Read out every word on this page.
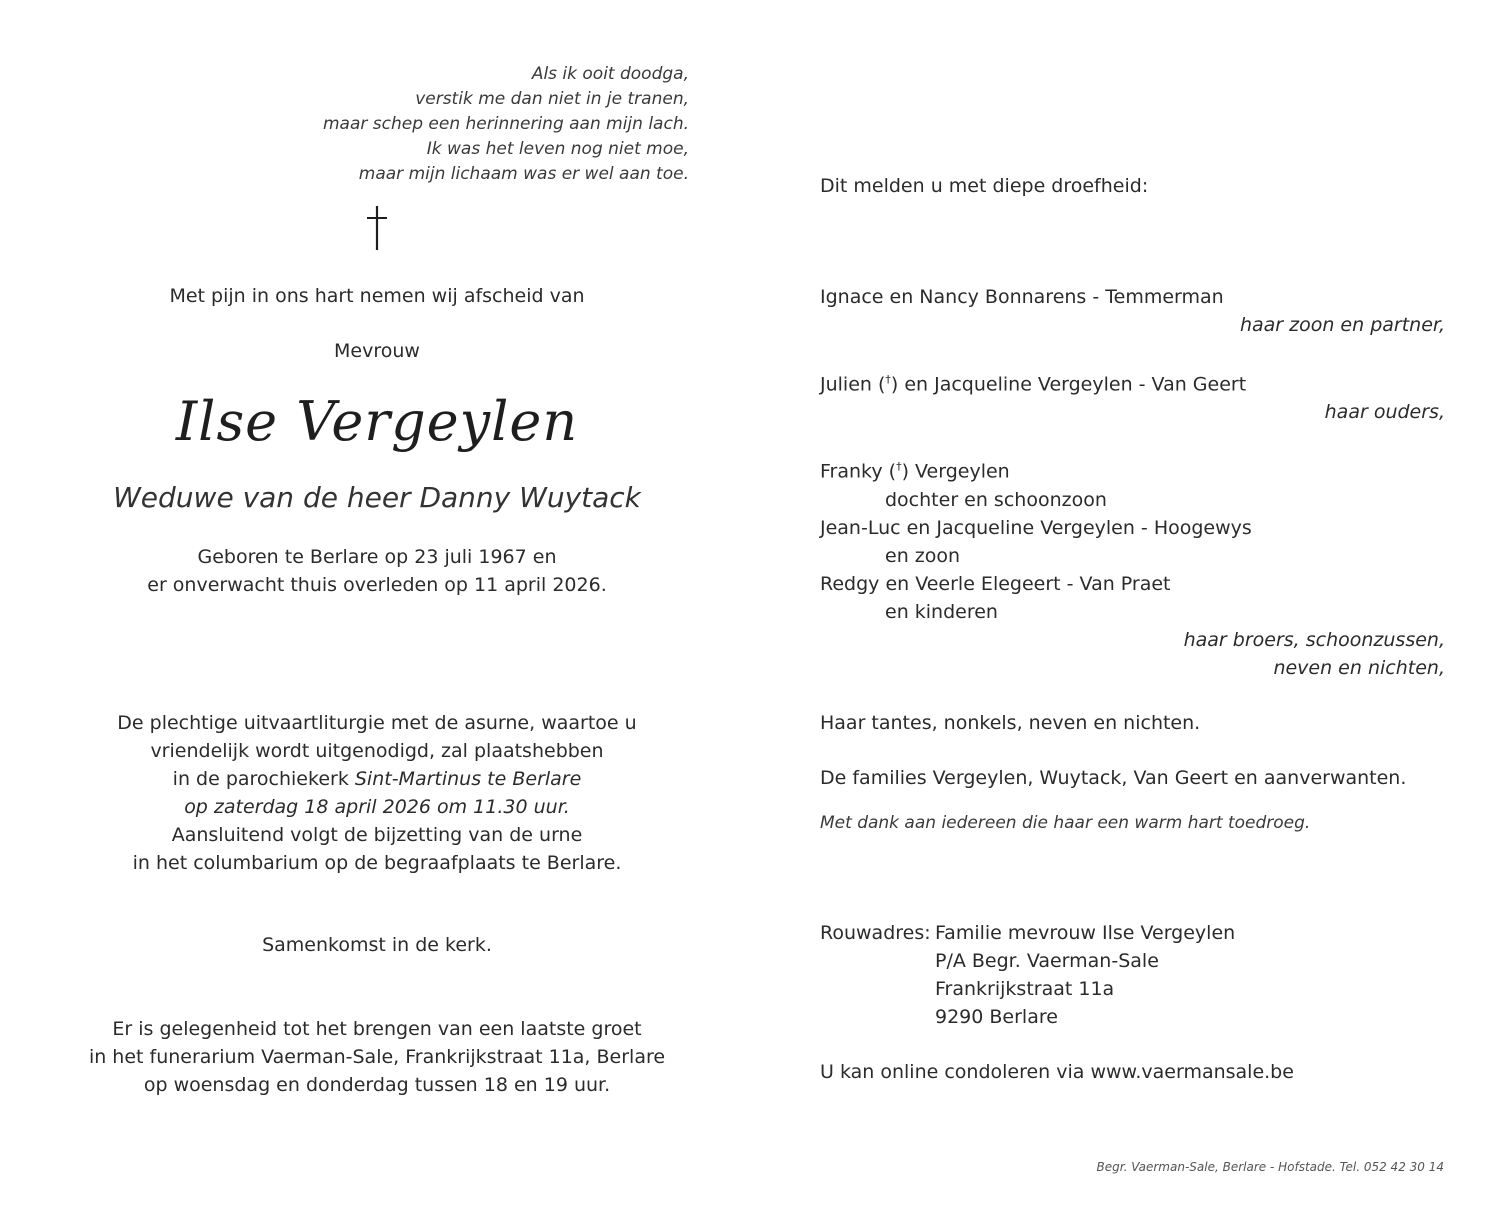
Als ik ooit doodga,
verstik me dan niet in je tranen,
maar schep een herinnering aan mijn lach.
Ik was het leven nog niet moe,
maar mijn lichaam was er wel aan toe.
Met pijn in ons hart nemen wij afscheid van
Mevrouw
Ilse Vergeylen
Weduwe van de heer Danny Wuytack
Geboren te Berlare op 23 juli 1967 en
er onverwacht thuis overleden op 11 april 2026.
De plechtige uitvaartliturgie met de asurne, waartoe u
vriendelijk wordt uitgenodigd, zal plaatshebben
in de parochiekerk Sint-Martinus te Berlare
op zaterdag 18 april 2026 om 11.30 uur.
Aansluitend volgt de bijzetting van de urne
in het columbarium op de begraafplaats te Berlare.
Samenkomst in de kerk.
Er is gelegenheid tot het brengen van een laatste groet
in het funerarium Vaerman-Sale, Frankrijkstraat 11a, Berlare
op woensdag en donderdag tussen 18 en 19 uur.
Dit melden u met diepe droefheid:
Ignace en Nancy Bonnarens - Temmerman
haar zoon en partner,
Julien (†) en Jacqueline Vergeylen - Van Geert
haar ouders,
Franky (†) Vergeylen
dochter en schoonzoon
Jean-Luc en Jacqueline Vergeylen - Hoogewys
en zoon
Redgy en Veerle Elegeert - Van Praet
en kinderen
haar broers, schoonzussen,
neven en nichten,
Haar tantes, nonkels, neven en nichten.
De families Vergeylen, Wuytack, Van Geert en aanverwanten.
Met dank aan iedereen die haar een warm hart toedroeg.
Rouwadres: Familie mevrouw Ilse Vergeylen
P/A Begr. Vaerman-Sale
Frankrijkstraat 11a
9290 Berlare
U kan online condoleren via www.vaermansale.be
Begr. Vaerman-Sale, Berlare - Hofstade. Tel. 052 42 30 14
